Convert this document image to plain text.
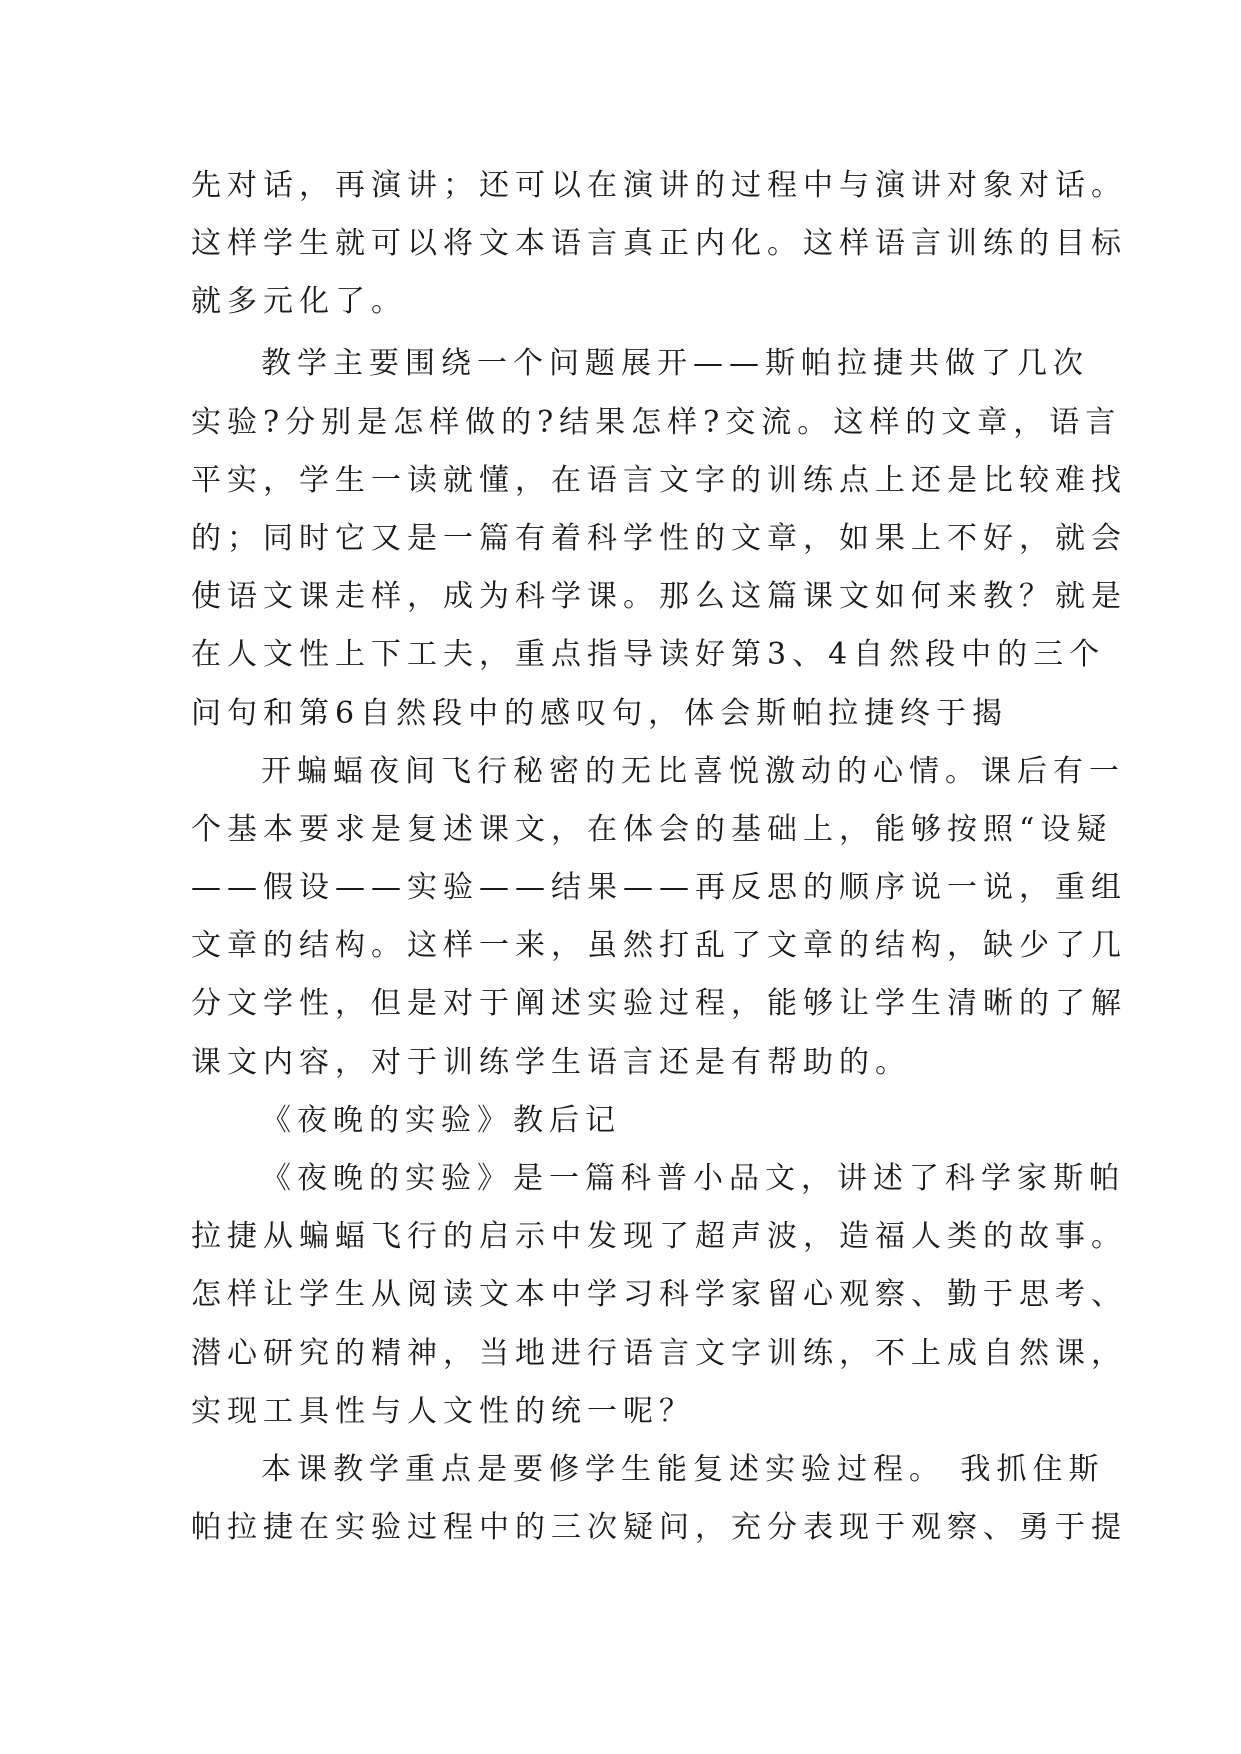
先对话，再演讲；还可以在演讲的过程中与演讲对象对话。
这样学生就可以将文本语言真正内化。这样语言训练的目标
就多元化了。
教学主要围绕一个问题展开——斯帕拉捷共做了几次
实验?分别是怎样做的?结果怎样?交流。这样的文章，语言
平实，学生一读就懂，在语言文字的训练点上还是比较难找
的；同时它又是一篇有着科学性的文章，如果上不好，就会
使语文课走样，成为科学课。那么这篇课文如何来教？就是
在人文性上下工夫，重点指导读好第3、4自然段中的三个
问句和第6自然段中的感叹句，体会斯帕拉捷终于揭
开蝙蝠夜间飞行秘密的无比喜悦激动的心情。课后有一
个基本要求是复述课文，在体会的基础上，能够按照“设疑
——假设——实验——结果——再反思的顺序说一说，重组
文章的结构。这样一来，虽然打乱了文章的结构，缺少了几
分文学性，但是对于阐述实验过程，能够让学生清晰的了解
课文内容，对于训练学生语言还是有帮助的。
《夜晚的实验》教后记
《夜晚的实验》是一篇科普小品文，讲述了科学家斯帕
拉捷从蝙蝠飞行的启示中发现了超声波，造福人类的故事。
怎样让学生从阅读文本中学习科学家留心观察、勤于思考、
潜心研究的精神，当地进行语言文字训练，不上成自然课，
实现工具性与人文性的统一呢？
本课教学重点是要修学生能复述实验过程。 我抓住斯
帕拉捷在实验过程中的三次疑问，充分表现于观察、勇于提
